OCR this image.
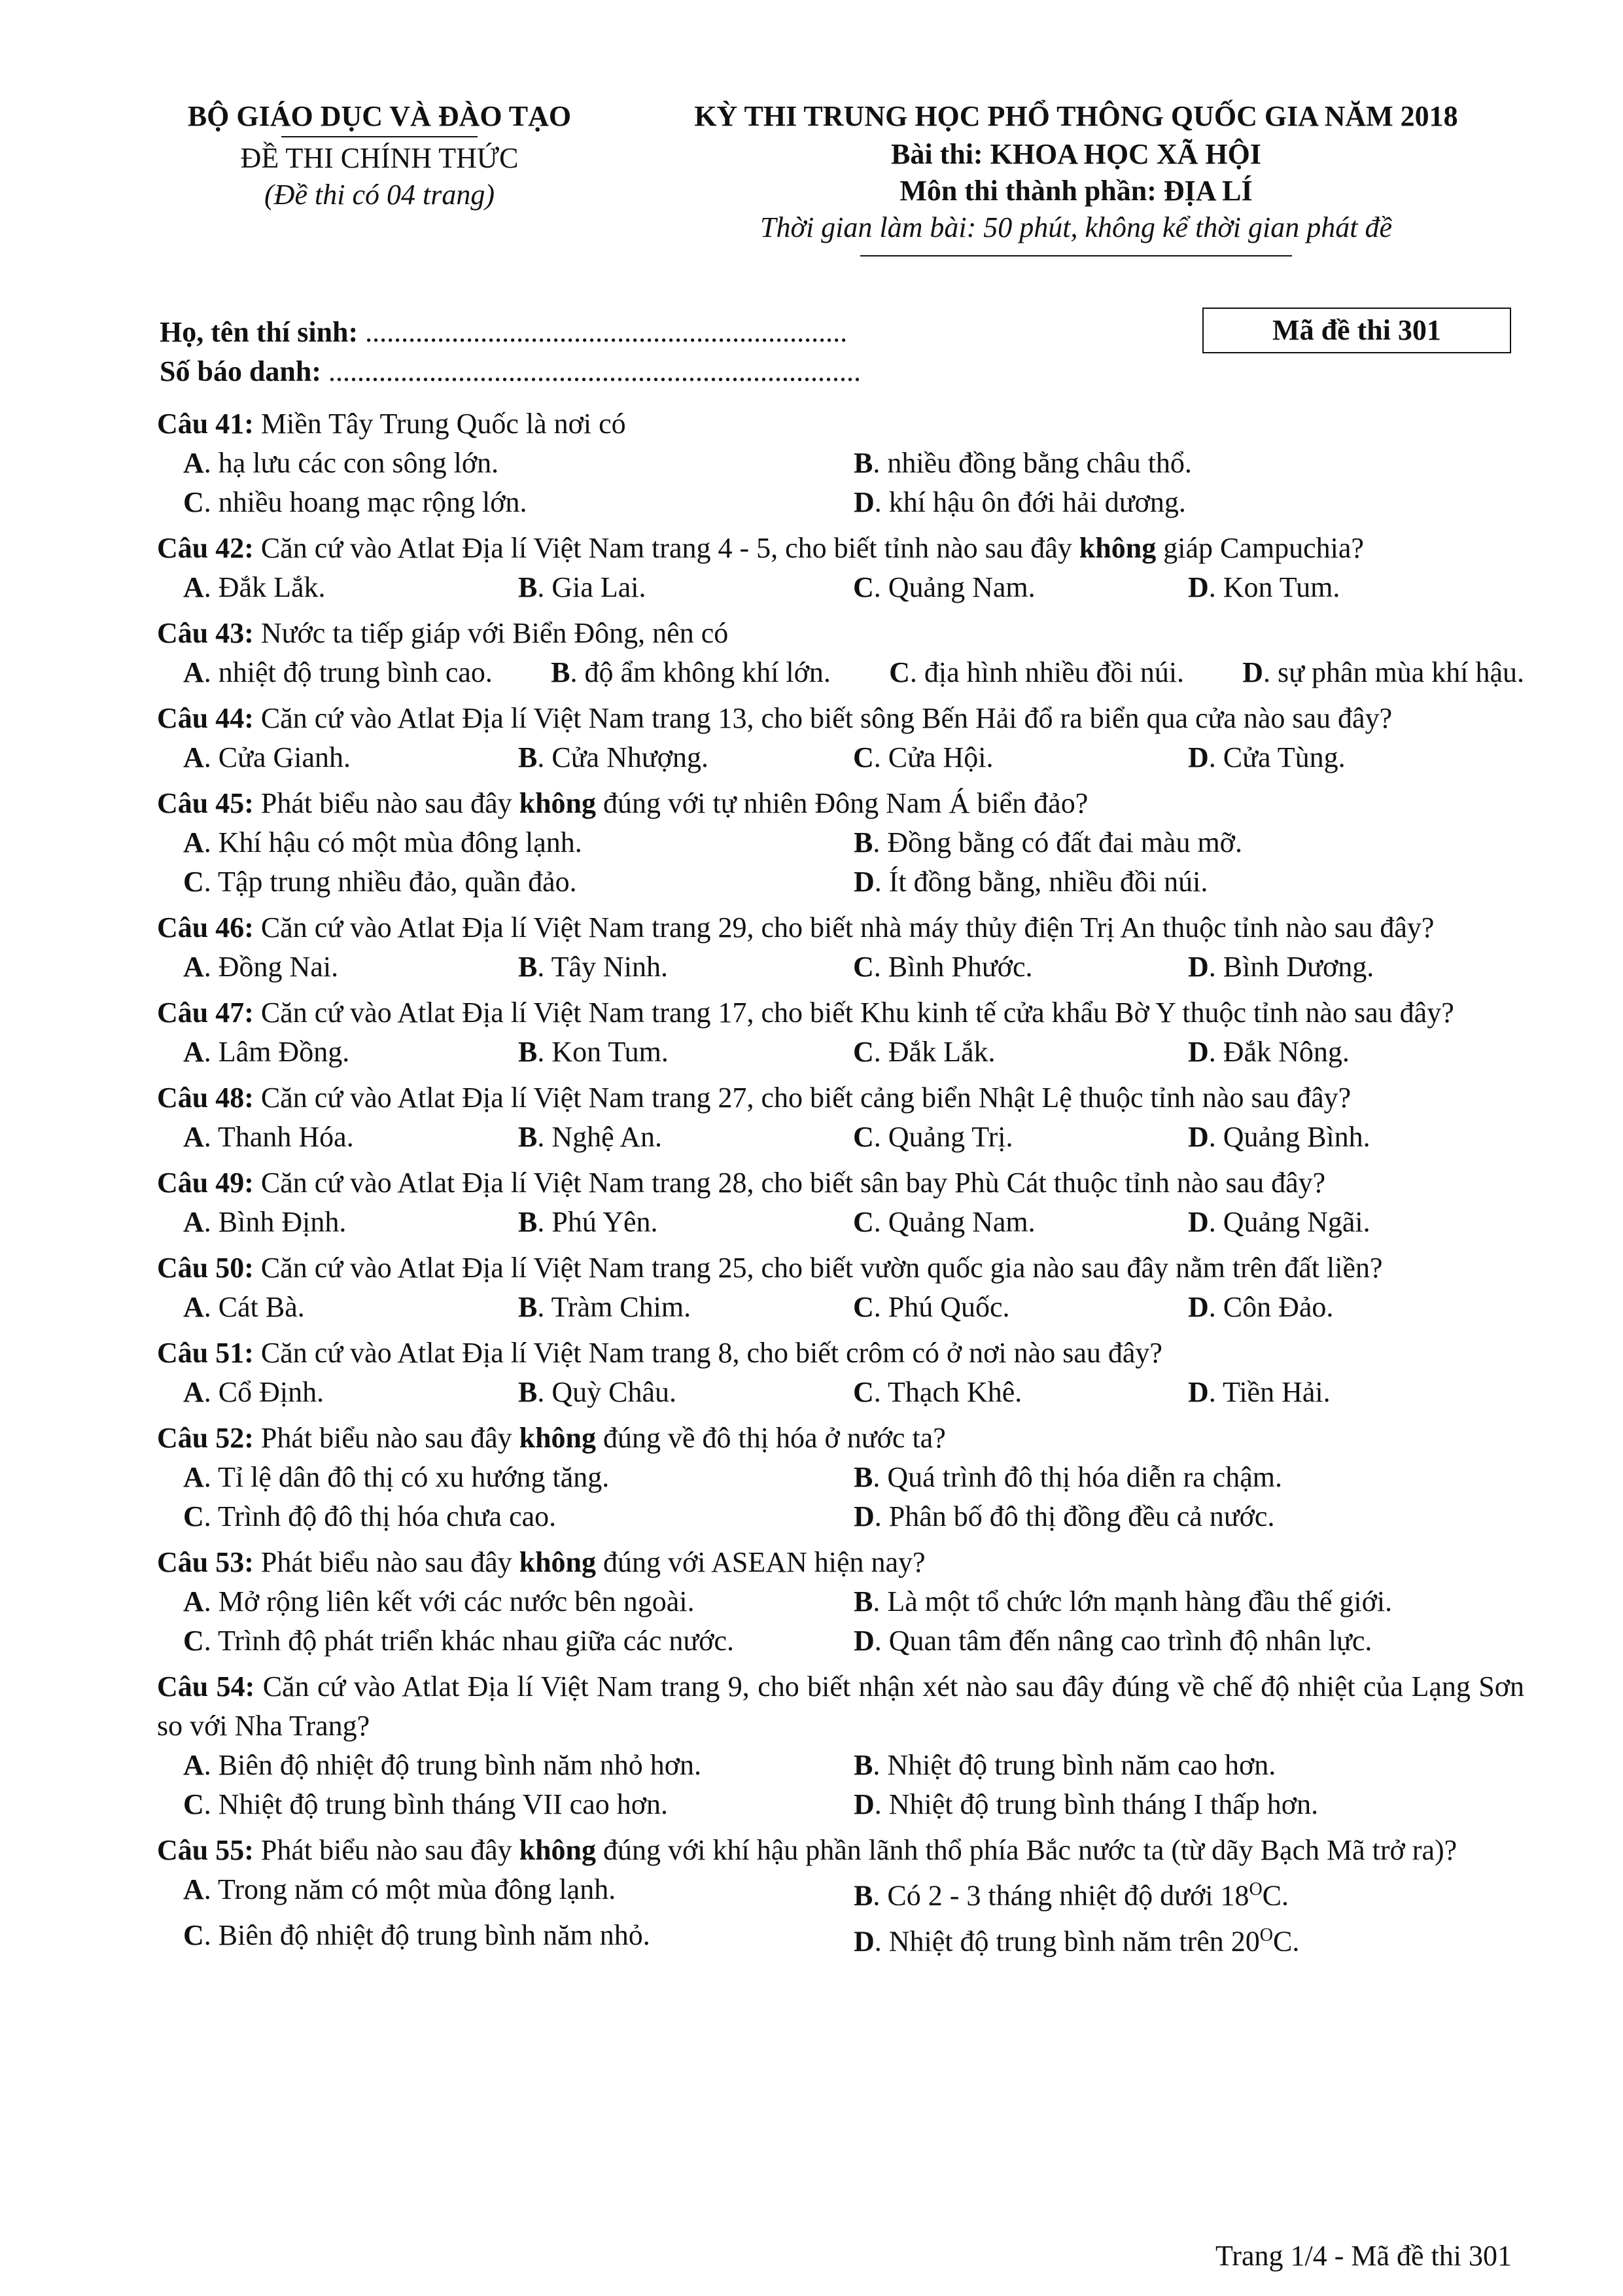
BỘ GIÁO DỤC VÀ ĐÀO TẠO
ĐỀ THI CHÍNH THỨC
(Đề thi có 04 trang)
KỲ THI TRUNG HỌC PHỔ THÔNG QUỐC GIA NĂM 2018
Bài thi: KHOA HỌC XÃ HỘI
Môn thi thành phần: ĐỊA LÍ
Thời gian làm bài: 50 phút, không kể thời gian phát đề
Họ, tên thí sinh: ...................................................................
Số báo danh: ..........................................................................
Mã đề thi 301
Câu 41: Miền Tây Trung Quốc là nơi có
A. hạ lưu các con sông lớn.	B. nhiều đồng bằng châu thổ.
C. nhiều hoang mạc rộng lớn.	D. khí hậu ôn đới hải dương.
Câu 42: Căn cứ vào Atlat Địa lí Việt Nam trang 4 - 5, cho biết tỉnh nào sau đây không giáp Campuchia?
A. Đắk Lắk.	B. Gia Lai.	C. Quảng Nam.	D. Kon Tum.
Câu 43: Nước ta tiếp giáp với Biển Đông, nên có
A. nhiệt độ trung bình cao. B. độ ẩm không khí lớn. C. địa hình nhiều đồi núi. D. sự phân mùa khí hậu.
Câu 44: Căn cứ vào Atlat Địa lí Việt Nam trang 13, cho biết sông Bến Hải đổ ra biển qua cửa nào sau đây?
A. Cửa Gianh.	B. Cửa Nhượng.	C. Cửa Hội.	D. Cửa Tùng.
Câu 45: Phát biểu nào sau đây không đúng với tự nhiên Đông Nam Á biển đảo?
A. Khí hậu có một mùa đông lạnh.	B. Đồng bằng có đất đai màu mỡ.
C. Tập trung nhiều đảo, quần đảo.	D. Ít đồng bằng, nhiều đồi núi.
Câu 46: Căn cứ vào Atlat Địa lí Việt Nam trang 29, cho biết nhà máy thủy điện Trị An thuộc tỉnh nào sau đây?
A. Đồng Nai.	B. Tây Ninh.	C. Bình Phước.	D. Bình Dương.
Câu 47: Căn cứ vào Atlat Địa lí Việt Nam trang 17, cho biết Khu kinh tế cửa khẩu Bờ Y thuộc tỉnh nào sau đây?
A. Lâm Đồng.	B. Kon Tum.	C. Đắk Lắk.	D. Đắk Nông.
Câu 48: Căn cứ vào Atlat Địa lí Việt Nam trang 27, cho biết cảng biển Nhật Lệ thuộc tỉnh nào sau đây?
A. Thanh Hóa.	B. Nghệ An.	C. Quảng Trị.	D. Quảng Bình.
Câu 49: Căn cứ vào Atlat Địa lí Việt Nam trang 28, cho biết sân bay Phù Cát thuộc tỉnh nào sau đây?
A. Bình Định.	B. Phú Yên.	C. Quảng Nam.	D. Quảng Ngãi.
Câu 50: Căn cứ vào Atlat Địa lí Việt Nam trang 25, cho biết vườn quốc gia nào sau đây nằm trên đất liền?
A. Cát Bà.	B. Tràm Chim.	C. Phú Quốc.	D. Côn Đảo.
Câu 51: Căn cứ vào Atlat Địa lí Việt Nam trang 8, cho biết crôm có ở nơi nào sau đây?
A. Cổ Định.	B. Quỳ Châu.	C. Thạch Khê.	D. Tiền Hải.
Câu 52: Phát biểu nào sau đây không đúng về đô thị hóa ở nước ta?
A. Tỉ lệ dân đô thị có xu hướng tăng.	B. Quá trình đô thị hóa diễn ra chậm.
C. Trình độ đô thị hóa chưa cao.	D. Phân bố đô thị đồng đều cả nước.
Câu 53: Phát biểu nào sau đây không đúng với ASEAN hiện nay?
A. Mở rộng liên kết với các nước bên ngoài.	B. Là một tổ chức lớn mạnh hàng đầu thế giới.
C. Trình độ phát triển khác nhau giữa các nước.	D. Quan tâm đến nâng cao trình độ nhân lực.
Câu 54: Căn cứ vào Atlat Địa lí Việt Nam trang 9, cho biết nhận xét nào sau đây đúng về chế độ nhiệt của Lạng Sơn so với Nha Trang?
A. Biên độ nhiệt độ trung bình năm nhỏ hơn.	B. Nhiệt độ trung bình năm cao hơn.
C. Nhiệt độ trung bình tháng VII cao hơn.	D. Nhiệt độ trung bình tháng I thấp hơn.
Câu 55: Phát biểu nào sau đây không đúng với khí hậu phần lãnh thổ phía Bắc nước ta (từ dãy Bạch Mã trở ra)?
A. Trong năm có một mùa đông lạnh.	B. Có 2 - 3 tháng nhiệt độ dưới $18^OC$.
C. Biên độ nhiệt độ trung bình năm nhỏ.	D. Nhiệt độ trung bình năm trên $20^OC$.
Trang 1/4 - Mã đề thi 301
